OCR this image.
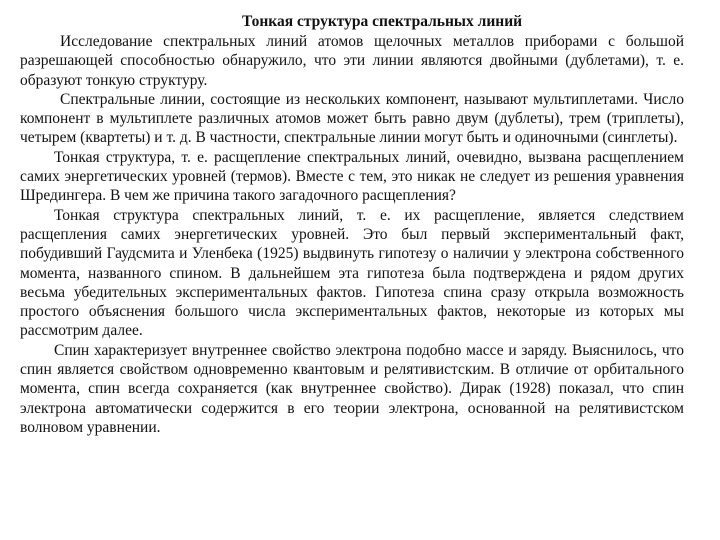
Тонкая структура спектральных линий

Исследование спектральных линий атомов щелочных металлов приборами с большой разрешающей способностью обнаружило, что эти линии являются двойными (дублетами), т. е. образуют тонкую структуру.

Спектральные линии, состоящие из нескольких компонент, называют мультиплетами. Число компонент в мультиплете различных атомов может быть равно двум (дублеты), трем (триплеты), четырем (квартеты) и т. д. В частности, спектральные линии могут быть и одиночными (синглеты).

Тонкая структура, т. е. расщепление спектральных линий, очевидно, вызвана расщеплением самих энергетических уровней (термов). Вместе с тем, это никак не следует из решения уравнения Шредингера. В чем же причина такого загадочного расщепления?

Тонкая структура спектральных линий, т. е. их расщепление, является следствием расщепления самих энергетических уровней. Это был первый экспериментальный факт, побудивший Гаудсмита и Уленбека (1925) выдвинуть гипотезу о наличии у электрона собственного момента, названного спином. В дальнейшем эта гипотеза была подтверждена и рядом других весьма убедительных экспериментальных фактов. Гипотеза спина сразу открыла возможность простого объяснения большого числа экспериментальных фактов, некоторые из которых мы рассмотрим далее.

Спин характеризует внутреннее свойство электрона подобно массе и заряду. Выяснилось, что спин является свойством одновременно квантовым и релятивистским. В отличие от орбитального момента, спин всегда сохраняется (как внутреннее свойство). Дирак (1928) показал, что спин электрона автоматически содержится в его теории электрона, основанной на релятивистском волновом уравнении.
